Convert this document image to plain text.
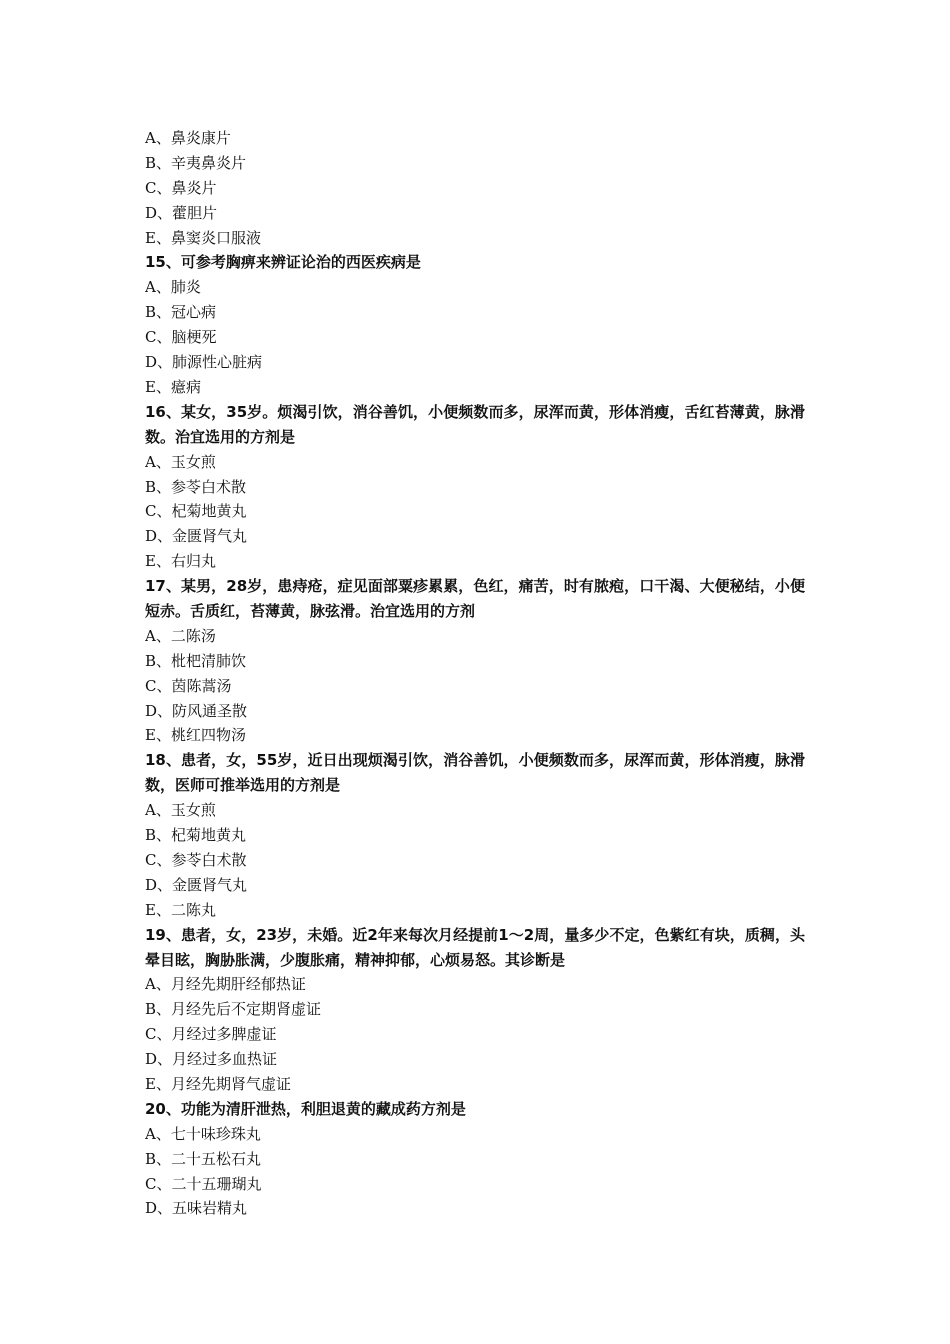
A、鼻炎康片
B、辛夷鼻炎片
C、鼻炎片
D、藿胆片
E、鼻窦炎口服液
15、可参考胸痹来辨证论治的西医疾病是
A、肺炎
B、冠心病
C、脑梗死
D、肺源性心脏病
E、癔病
16、某女，35岁。烦渴引饮，消谷善饥，小便频数而多，尿浑而黄，形体消瘦，舌红苔薄黄，脉滑数。治宜选用的方剂是
A、玉女煎
B、参苓白术散
C、杞菊地黄丸
D、金匮肾气丸
E、右归丸
17、某男，28岁，患痔疮，症见面部粟疹累累，色红，痛苦，时有脓疱，口干渴、大便秘结，小便短赤。舌质红，苔薄黄，脉弦滑。治宜选用的方剂
A、二陈汤
B、枇杷清肺饮
C、茵陈蒿汤
D、防风通圣散
E、桃红四物汤
18、患者，女，55岁，近日出现烦渴引饮，消谷善饥，小便频数而多，尿浑而黄，形体消瘦，脉滑数，医师可推举选用的方剂是
A、玉女煎
B、杞菊地黄丸
C、参苓白术散
D、金匮肾气丸
E、二陈丸
19、患者，女，23岁，未婚。近2年来每次月经提前1～2周，量多少不定，色紫红有块，质稠，头晕目眩，胸胁胀满，少腹胀痛，精神抑郁，心烦易怒。其诊断是
A、月经先期肝经郁热证
B、月经先后不定期肾虚证
C、月经过多脾虚证
D、月经过多血热证
E、月经先期肾气虚证
20、功能为清肝泄热，利胆退黄的藏成药方剂是
A、七十味珍珠丸
B、二十五松石丸
C、二十五珊瑚丸
D、五味岩精丸
